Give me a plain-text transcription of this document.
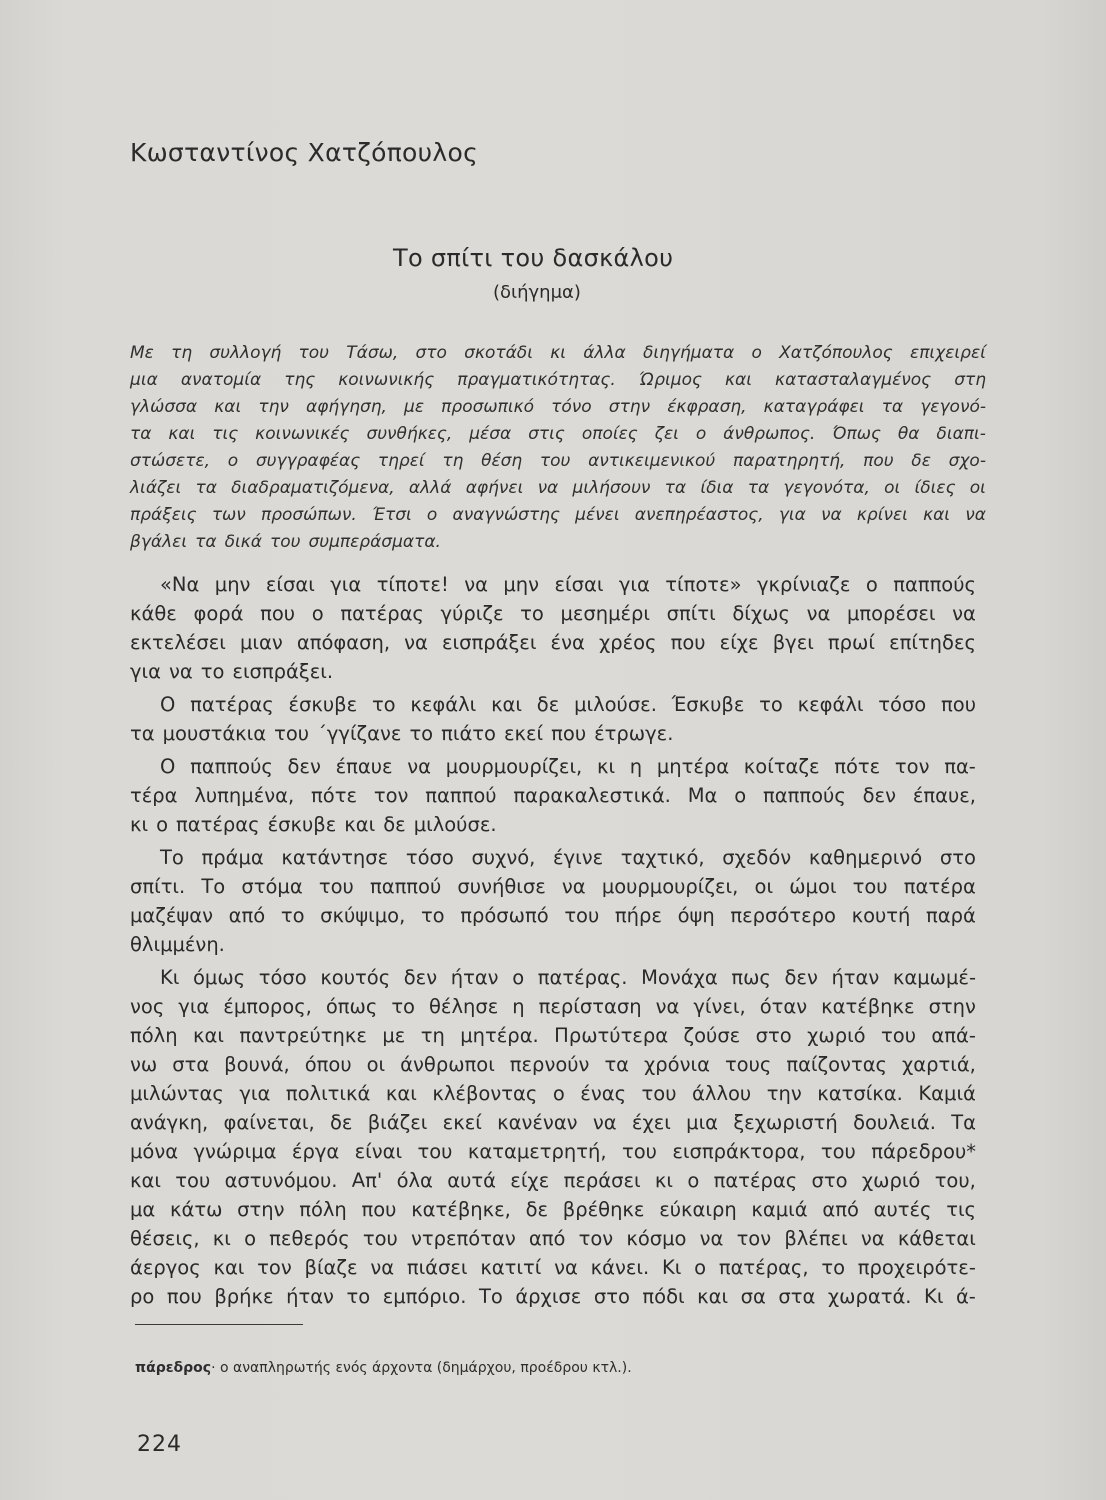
Κωσταντίνος Χατζόπουλος
Το σπίτι του δασκάλου
(διήγημα)
Με τη συλλογή του Τάσω, στο σκοτάδι κι άλλα διηγήματα ο Χατζόπουλος επιχειρεί
μια ανατομία της κοινωνικής πραγματικότητας. Ώριμος και κατασταλαγμένος στη
γλώσσα και την αφήγηση, με προσωπικό τόνο στην έκφραση, καταγράφει τα γεγονό-
τα και τις κοινωνικές συνθήκες, μέσα στις οποίες ζει ο άνθρωπος. Όπως θα διαπι-
στώσετε, ο συγγραφέας τηρεί τη θέση του αντικειμενικού παρατηρητή, που δε σχο-
λιάζει τα διαδραματιζόμενα, αλλά αφήνει να μιλήσουν τα ίδια τα γεγονότα, οι ίδιες οι
πράξεις των προσώπων. Έτσι ο αναγνώστης μένει ανεπηρέαστος, για να κρίνει και να
βγάλει τα δικά του συμπεράσματα.
«Να μην είσαι για τίποτε! να μην είσαι για τίποτε» γκρίνιαζε ο παππούς
κάθε φορά που ο πατέρας γύριζε το μεσημέρι σπίτι δίχως να μπορέσει να
εκτελέσει μιαν απόφαση, να εισπράξει ένα χρέος που είχε βγει πρωί επίτηδες
για να το εισπράξει.
Ο πατέρας έσκυβε το κεφάλι και δε μιλούσε. Έσκυβε το κεφάλι τόσο που
τα μουστάκια του ΄γγίζανε το πιάτο εκεί που έτρωγε.
Ο παππούς δεν έπαυε να μουρμουρίζει, κι η μητέρα κοίταζε πότε τον πα-
τέρα λυπημένα, πότε τον παππού παρακαλεστικά. Μα ο παππούς δεν έπαυε,
κι ο πατέρας έσκυβε και δε μιλούσε.
Το πράμα κατάντησε τόσο συχνό, έγινε ταχτικό, σχεδόν καθημερινό στο
σπίτι. Το στόμα του παππού συνήθισε να μουρμουρίζει, οι ώμοι του πατέρα
μαζέψαν από το σκύψιμο, το πρόσωπό του πήρε όψη περσότερο κουτή παρά
θλιμμένη.
Κι όμως τόσο κουτός δεν ήταν ο πατέρας. Μονάχα πως δεν ήταν καμωμέ-
νος για έμπορος, όπως το θέλησε η περίσταση να γίνει, όταν κατέβηκε στην
πόλη και παντρεύτηκε με τη μητέρα. Πρωτύτερα ζούσε στο χωριό του απά-
νω στα βουνά, όπου οι άνθρωποι περνούν τα χρόνια τους παίζοντας χαρτιά,
μιλώντας για πολιτικά και κλέβοντας ο ένας του άλλου την κατσίκα. Καμιά
ανάγκη, φαίνεται, δε βιάζει εκεί κανέναν να έχει μια ξεχωριστή δουλειά. Τα
μόνα γνώριμα έργα είναι του καταμετρητή, του εισπράκτορα, του πάρεδρου*
και του αστυνόμου. Απ' όλα αυτά είχε περάσει κι ο πατέρας στο χωριό του,
μα κάτω στην πόλη που κατέβηκε, δε βρέθηκε εύκαιρη καμιά από αυτές τις
θέσεις, κι ο πεθερός του ντρεπόταν από τον κόσμο να τον βλέπει να κάθεται
άεργος και τον βίαζε να πιάσει κατιτί να κάνει. Κι ο πατέρας, το προχειρότε-
ρο που βρήκε ήταν το εμπόριο. Το άρχισε στο πόδι και σα στα χωρατά. Κι ά-
πάρεδρος· ο αναπληρωτής ενός άρχοντα (δημάρχου, προέδρου κτλ.).
224
